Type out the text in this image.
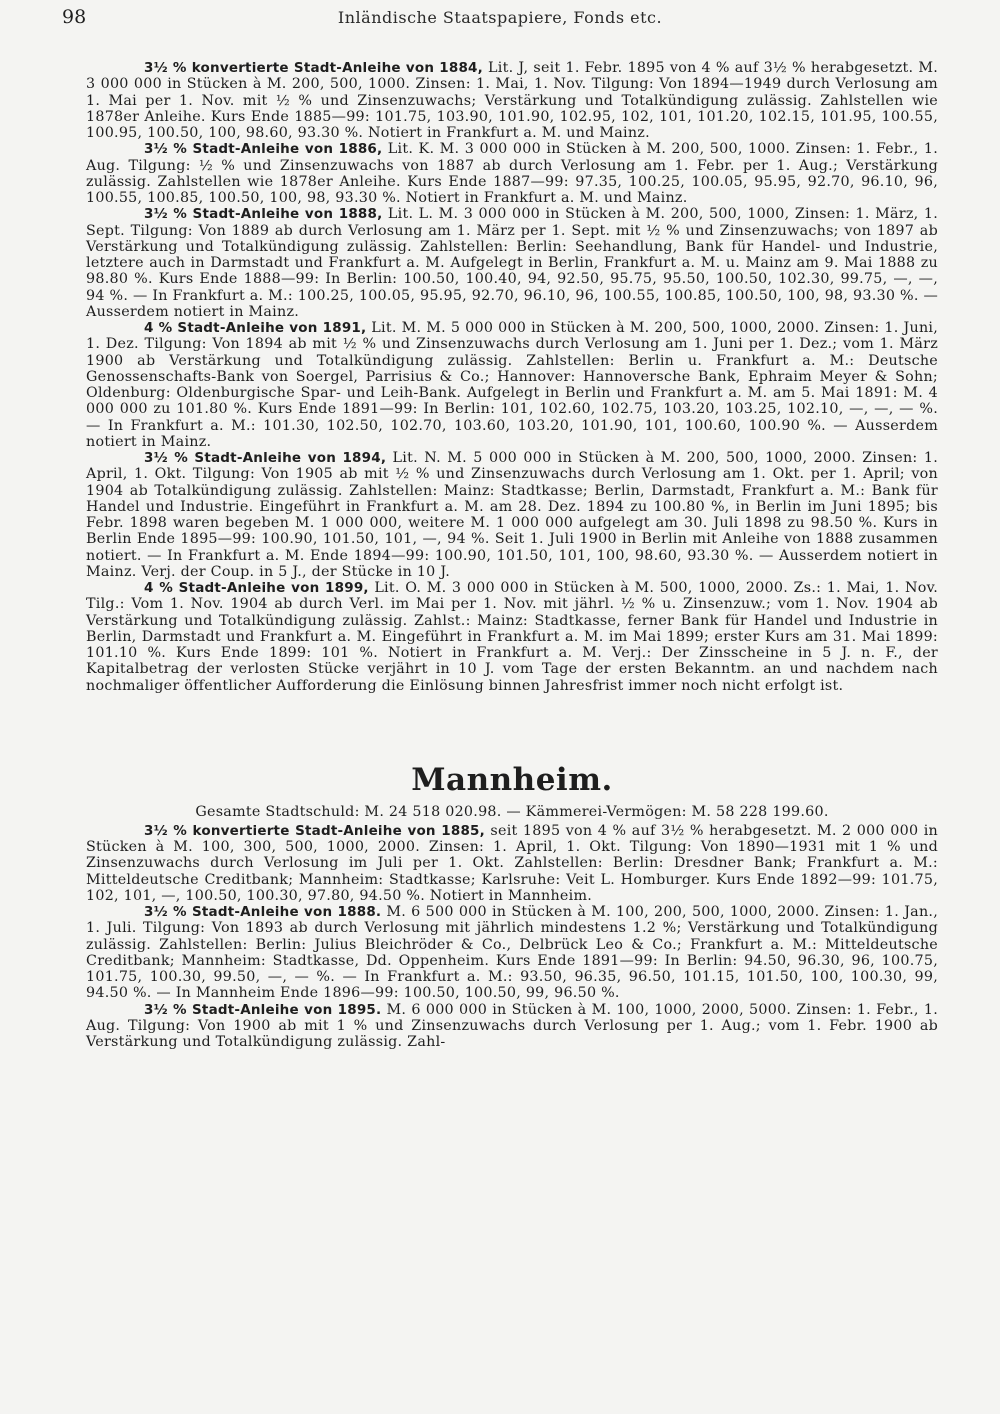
98	Inländische Staatspapiere, Fonds etc.

3½ % konvertierte Stadt-Anleihe von 1884, Lit. J, seit 1. Febr. 1895 von 4 % auf 3½ % herabgesetzt. M. 3 000 000 in Stücken à M. 200, 500, 1000. Zinsen: 1. Mai, 1. Nov. Tilgung: Von 1894—1949 durch Verlosung am 1. Mai per 1. Nov. mit ½ % und Zinsenzuwachs; Verstärkung und Totalkündigung zulässig. Zahlstellen wie 1878er Anleihe. Kurs Ende 1885—99: 101.75, 103.90, 101.90, 102.95, 102, 101, 101.20, 102.15, 101.95, 100.55, 100.95, 100.50, 100, 98.60, 93.30 %. Notiert in Frankfurt a. M. und Mainz.

3½ % Stadt-Anleihe von 1886, Lit. K. M. 3 000 000 in Stücken à M. 200, 500, 1000. Zinsen: 1. Febr., 1. Aug. Tilgung: ½ % und Zinsenzuwachs von 1887 ab durch Verlosung am 1. Febr. per 1. Aug.; Verstärkung zulässig. Zahlstellen wie 1878er Anleihe. Kurs Ende 1887—99: 97.35, 100.25, 100.05, 95.95, 92.70, 96.10, 96, 100.55, 100.85, 100.50, 100, 98, 93.30 %. Notiert in Frankfurt a. M. und Mainz.

3½ % Stadt-Anleihe von 1888, Lit. L. M. 3 000 000 in Stücken à M. 200, 500, 1000, Zinsen: 1. März, 1. Sept. Tilgung: Von 1889 ab durch Verlosung am 1. März per 1. Sept. mit ½ % und Zinsenzuwachs; von 1897 ab Verstärkung und Totalkündigung zulässig. Zahlstellen: Berlin: Seehandlung, Bank für Handel- und Industrie, letztere auch in Darmstadt und Frankfurt a. M. Aufgelegt in Berlin, Frankfurt a. M. u. Mainz am 9. Mai 1888 zu 98.80 %. Kurs Ende 1888—99: In Berlin: 100.50, 100.40, 94, 92.50, 95.75, 95.50, 100.50, 102.30, 99.75, —, —, 94 %. — In Frankfurt a. M.: 100.25, 100.05, 95.95, 92.70, 96.10, 96, 100.55, 100.85, 100.50, 100, 98, 93.30 %. — Ausserdem notiert in Mainz.

4 % Stadt-Anleihe von 1891, Lit. M. M. 5 000 000 in Stücken à M. 200, 500, 1000, 2000. Zinsen: 1. Juni, 1. Dez. Tilgung: Von 1894 ab mit ½ % und Zinsenzuwachs durch Verlosung am 1. Juni per 1. Dez.; vom 1. März 1900 ab Verstärkung und Totalkündigung zulässig. Zahlstellen: Berlin u. Frankfurt a. M.: Deutsche Genossenschafts-Bank von Soergel, Parrisius & Co.; Hannover: Hannoversche Bank, Ephraim Meyer & Sohn; Oldenburg: Oldenburgische Spar- und Leih-Bank. Aufgelegt in Berlin und Frankfurt a. M. am 5. Mai 1891: M. 4 000 000 zu 101.80 %. Kurs Ende 1891—99: In Berlin: 101, 102.60, 102.75, 103.20, 103.25, 102.10, —, —, — %. — In Frankfurt a. M.: 101.30, 102.50, 102.70, 103.60, 103.20, 101.90, 101, 100.60, 100.90 %. — Ausserdem notiert in Mainz.

3½ % Stadt-Anleihe von 1894, Lit. N. M. 5 000 000 in Stücken à M. 200, 500, 1000, 2000. Zinsen: 1. April, 1. Okt. Tilgung: Von 1905 ab mit ½ % und Zinsenzuwachs durch Verlosung am 1. Okt. per 1. April; von 1904 ab Totalkündigung zulässig. Zahlstellen: Mainz: Stadtkasse; Berlin, Darmstadt, Frankfurt a. M.: Bank für Handel und Industrie. Eingeführt in Frankfurt a. M. am 28. Dez. 1894 zu 100.80 %, in Berlin im Juni 1895; bis Febr. 1898 waren begeben M. 1 000 000, weitere M. 1 000 000 aufgelegt am 30. Juli 1898 zu 98.50 %. Kurs in Berlin Ende 1895—99: 100.90, 101.50, 101, —, 94 %. Seit 1. Juli 1900 in Berlin mit Anleihe von 1888 zusammen notiert. — In Frankfurt a. M. Ende 1894—99: 100.90, 101.50, 101, 100, 98.60, 93.30 %. — Ausserdem notiert in Mainz. Verj. der Coup. in 5 J., der Stücke in 10 J.

4 % Stadt-Anleihe von 1899, Lit. O. M. 3 000 000 in Stücken à M. 500, 1000, 2000. Zs.: 1. Mai, 1. Nov. Tilg.: Vom 1. Nov. 1904 ab durch Verl. im Mai per 1. Nov. mit jährl. ½ % u. Zinsenzuw.; vom 1. Nov. 1904 ab Verstärkung und Totalkündigung zulässig. Zahlst.: Mainz: Stadtkasse, ferner Bank für Handel und Industrie in Berlin, Darmstadt und Frankfurt a. M. Eingeführt in Frankfurt a. M. im Mai 1899; erster Kurs am 31. Mai 1899: 101.10 %. Kurs Ende 1899: 101 %. Notiert in Frankfurt a. M. Verj.: Der Zinsscheine in 5 J. n. F., der Kapitalbetrag der verlosten Stücke verjährt in 10 J. vom Tage der ersten Bekanntm. an und nachdem nach nochmaliger öffentlicher Aufforderung die Einlösung binnen Jahresfrist immer noch nicht erfolgt ist.

Mannheim.

Gesamte Stadtschuld: M. 24 518 020.98. — Kämmerei-Vermögen: M. 58 228 199.60.

3½ % konvertierte Stadt-Anleihe von 1885, seit 1895 von 4 % auf 3½ % herabgesetzt. M. 2 000 000 in Stücken à M. 100, 300, 500, 1000, 2000. Zinsen: 1. April, 1. Okt. Tilgung: Von 1890—1931 mit 1 % und Zinsenzuwachs durch Verlosung im Juli per 1. Okt. Zahlstellen: Berlin: Dresdner Bank; Frankfurt a. M.: Mitteldeutsche Creditbank; Mannheim: Stadtkasse; Karlsruhe: Veit L. Homburger. Kurs Ende 1892—99: 101.75, 102, 101, —, 100.50, 100.30, 97.80, 94.50 %. Notiert in Mannheim.

3½ % Stadt-Anleihe von 1888. M. 6 500 000 in Stücken à M. 100, 200, 500, 1000, 2000. Zinsen: 1. Jan., 1. Juli. Tilgung: Von 1893 ab durch Verlosung mit jährlich mindestens 1.2 %; Verstärkung und Totalkündigung zulässig. Zahlstellen: Berlin: Julius Bleichröder & Co., Delbrück Leo & Co.; Frankfurt a. M.: Mitteldeutsche Creditbank; Mannheim: Stadtkasse, Dd. Oppenheim. Kurs Ende 1891—99: In Berlin: 94.50, 96.30, 96, 100.75, 101.75, 100.30, 99.50, —, — %. — In Frankfurt a. M.: 93.50, 96.35, 96.50, 101.15, 101.50, 100, 100.30, 99, 94.50 %. — In Mannheim Ende 1896—99: 100.50, 100.50, 99, 96.50 %.

3½ % Stadt-Anleihe von 1895. M. 6 000 000 in Stücken à M. 100, 1000, 2000, 5000. Zinsen: 1. Febr., 1. Aug. Tilgung: Von 1900 ab mit 1 % und Zinsenzuwachs durch Verlosung per 1. Aug.; vom 1. Febr. 1900 ab Verstärkung und Totalkündigung zulässig. Zahl-
